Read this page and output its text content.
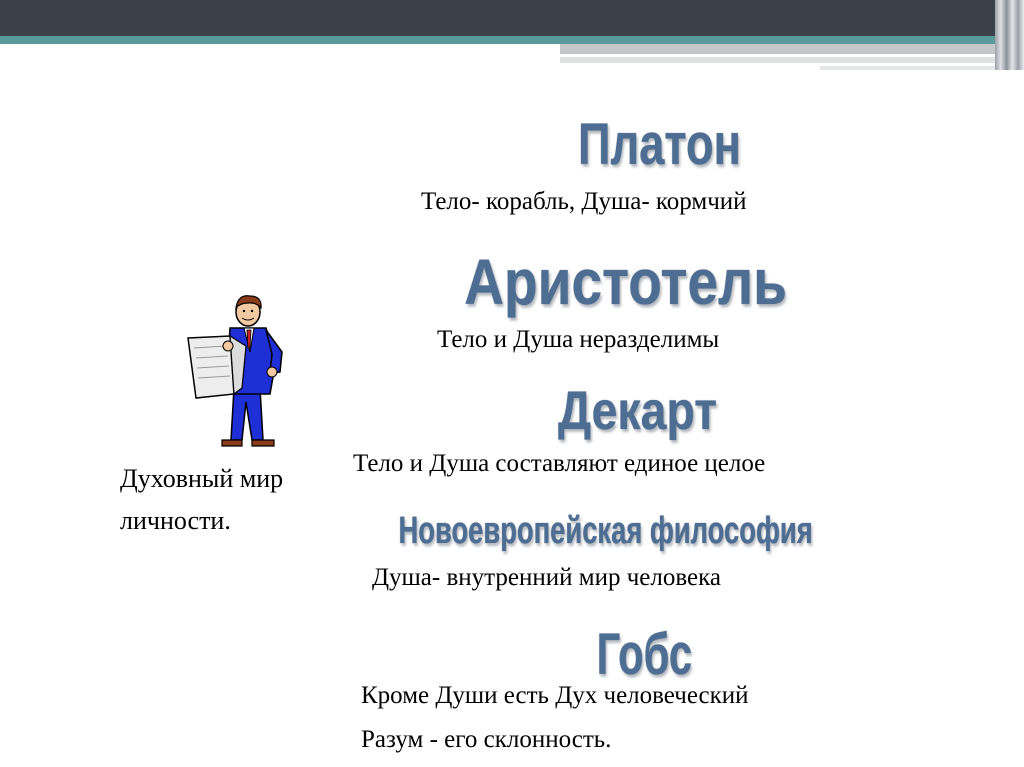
Платон

Тело- корабль, Душа- кормчий

Аристотель

Тело и Душа неразделимы

Декарт

Тело и Душа составляют единое целое

Новоевропейская философия

Душа- внутренний мир человека

Гобс

Кроме Души есть Дух человеческий

Разум - его склонность.

Духовный мир

личности.
